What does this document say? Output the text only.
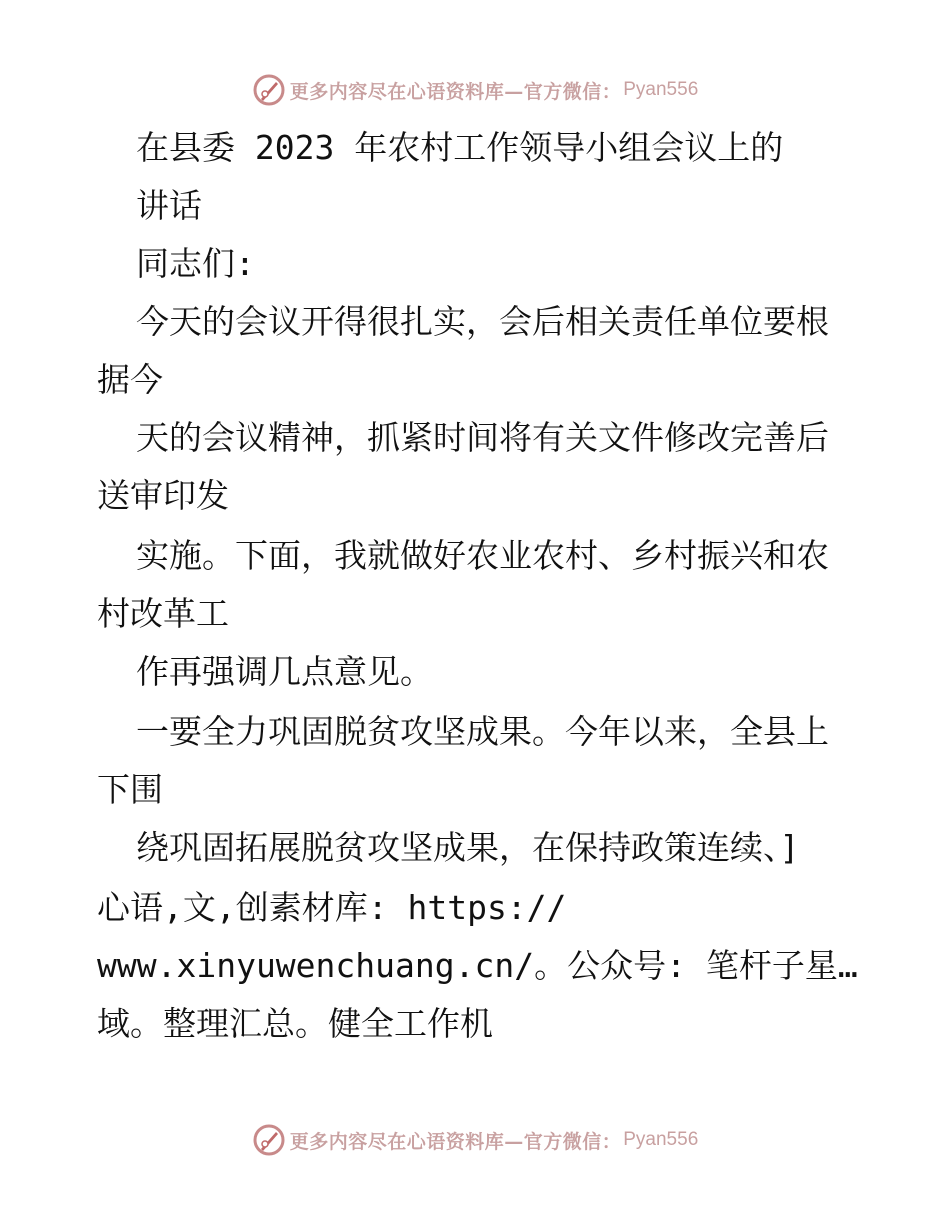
更多内容尽在心语资料库—官方微信： Pyan556
在县委 2023 年农村工作领导小组会议上的
讲话
同志们:
今天的会议开得很扎实，会后相关责任单位要根
据今
天的会议精神，抓紧时间将有关文件修改完善后
送审印发
实施。下面，我就做好农业农村、乡村振兴和农
村改革工
作再强调几点意见。
一要全力巩固脱贫攻坚成果。今年以来，全县上
下围
绕巩固拓展脱贫攻坚成果，在保持政策连续、]
心语,文,创素材库: https://
www.xinyuwenchuang.cn/。公众号: 笔杆子星…
域。整理汇总。健全工作机
更多内容尽在心语资料库—官方微信： Pyan556
